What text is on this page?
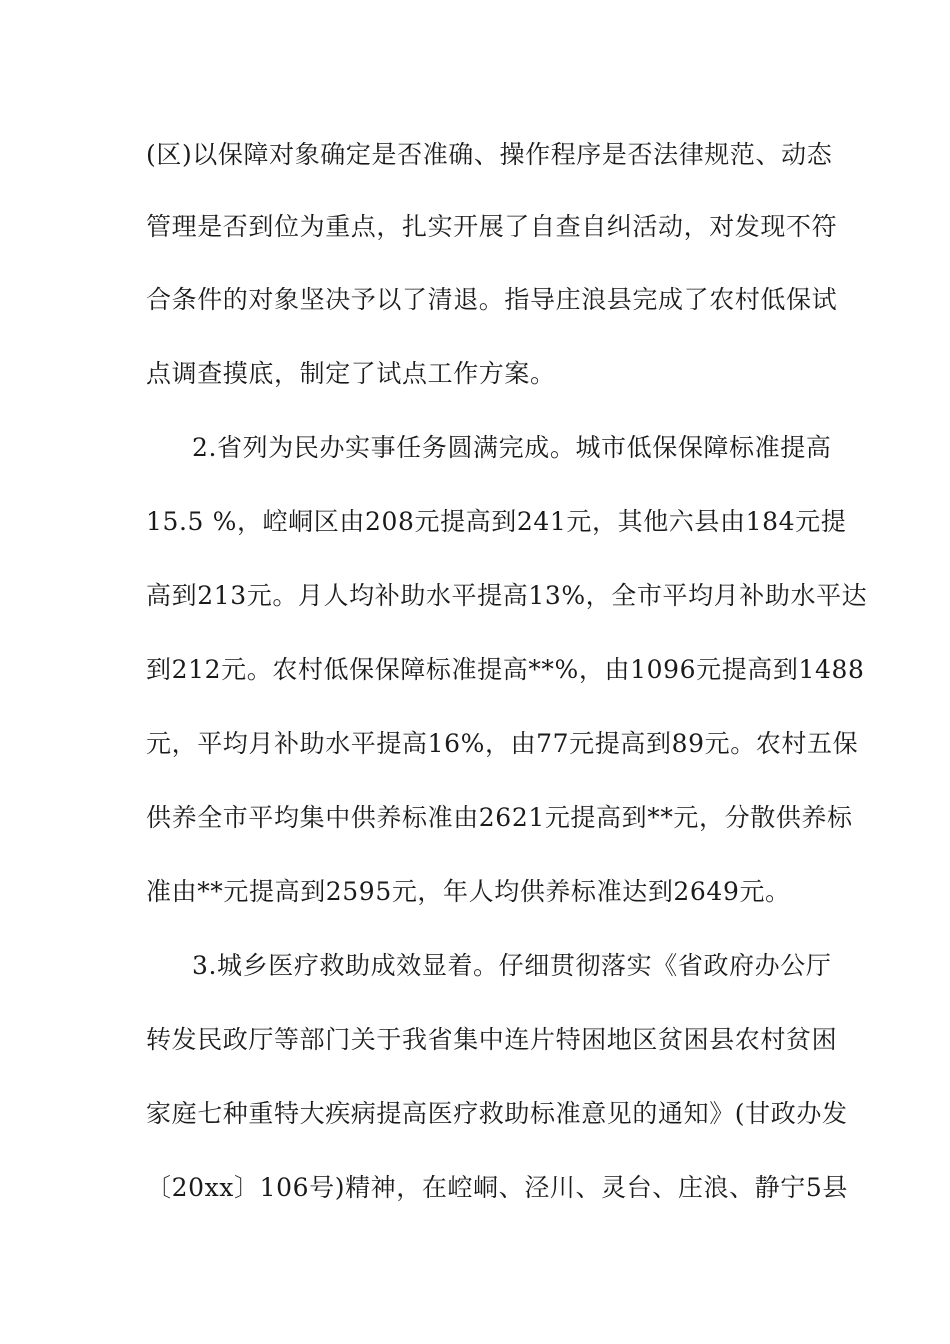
(区)以保障对象确定是否准确、操作程序是否法律规范、动态
管理是否到位为重点，扎实开展了自查自纠活动，对发现不符
合条件的对象坚决予以了清退。指导庄浪县完成了农村低保试
点调查摸底，制定了试点工作方案。
2.省列为民办实事任务圆满完成。城市低保保障标准提高
15.5 %，崆峒区由208元提高到241元，其他六县由184元提
高到213元。月人均补助水平提高13%，全市平均月补助水平达
到212元。农村低保保障标准提高**%，由1096元提高到1488
元，平均月补助水平提高16%，由77元提高到89元。农村五保
供养全市平均集中供养标准由2621元提高到**元，分散供养标
准由**元提高到2595元，年人均供养标准达到2649元。
3.城乡医疗救助成效显着。仔细贯彻落实《省政府办公厅
转发民政厅等部门关于我省集中连片特困地区贫困县农村贫困
家庭七种重特大疾病提高医疗救助标准意见的通知》(甘政办发
〔20xx〕106号)精神，在崆峒、泾川、灵台、庄浪、静宁5县
